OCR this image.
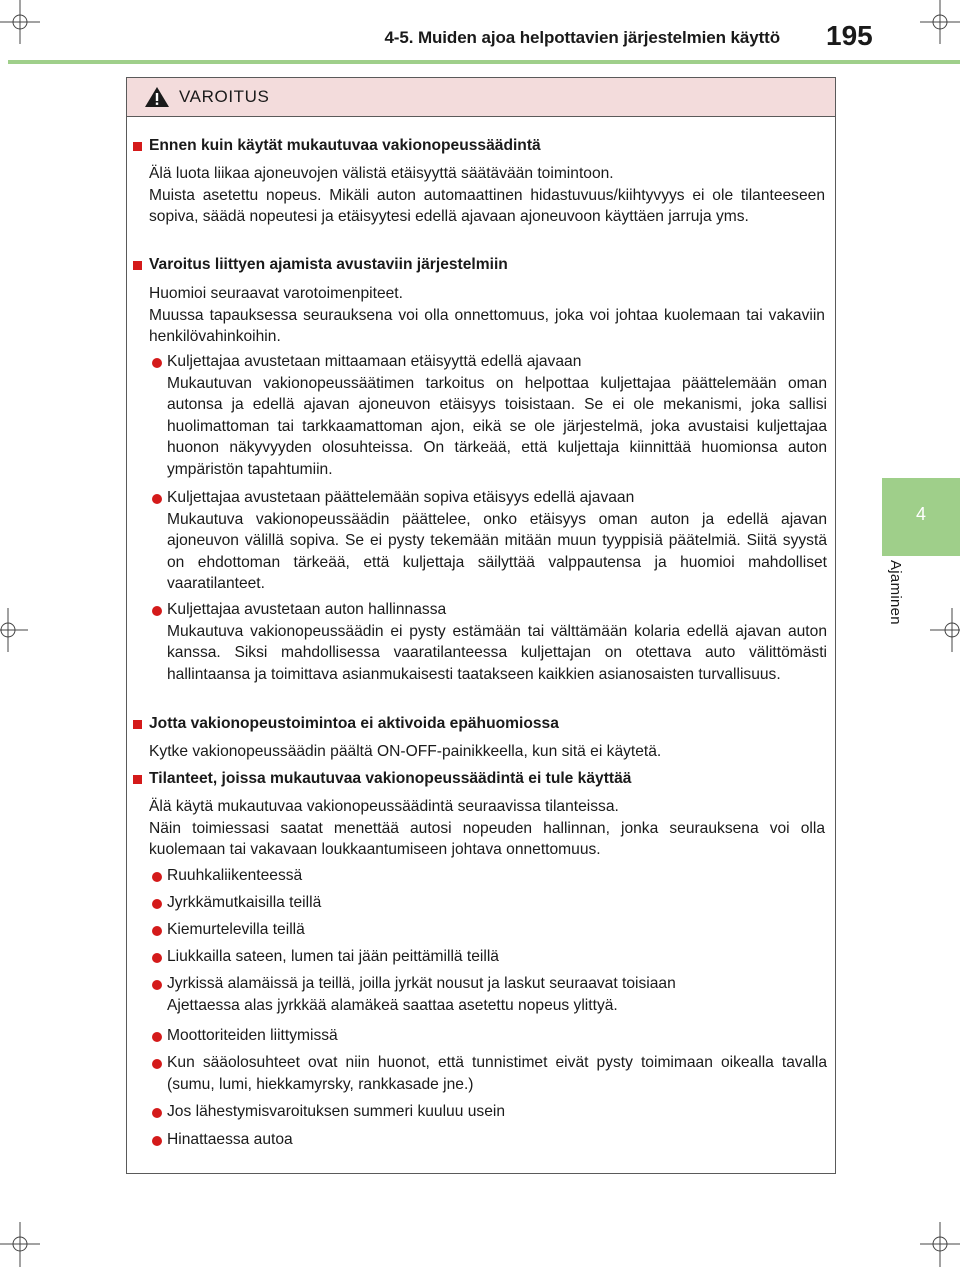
4-5. Muiden ajoa helpottavien järjestelmien käyttö 195
4
Ajaminen
VAROITUS
Ennen kuin käytät mukautuvaa vakionopeussäädintä

Älä luota liikaa ajoneuvojen välistä etäisyyttä säätävään toimintoon.

Muista asetettu nopeus. Mikäli auton automaattinen hidastuvuus/kiihtyvyys ei ole tilanteeseen sopiva, säädä nopeutesi ja etäisyytesi edellä ajavaan ajoneuvoon käyttäen jarruja yms.

Varoitus liittyen ajamista avustaviin järjestelmiin

Huomioi seuraavat varotoimenpiteet.

Muussa tapauksessa seurauksena voi olla onnettomuus, joka voi johtaa kuolemaan tai vakaviin henkilövahinkoihin.

Kuljettajaa avustetaan mittaamaan etäisyyttä edellä ajavaan

Mukautuvan vakionopeussäätimen tarkoitus on helpottaa kuljettajaa päättelemään oman autonsa ja edellä ajavan ajoneuvon etäisyys toisistaan. Se ei ole mekanismi, joka sallisi huolimattoman tai tarkkaamattoman ajon, eikä se ole järjestelmä, joka avustaisi kuljettajaa huonon näkyvyyden olosuhteissa. On tärkeää, että kuljettaja kiinnittää huomionsa auton ympäristön tapahtumiin.

Kuljettajaa avustetaan päättelemään sopiva etäisyys edellä ajavaan

Mukautuva vakionopeussäädin päättelee, onko etäisyys oman auton ja edellä ajavan ajoneuvon välillä sopiva. Se ei pysty tekemään mitään muun tyyppisiä päätelmiä. Siitä syystä on ehdottoman tärkeää, että kuljettaja säilyttää valppautensa ja huomioi mahdolliset vaaratilanteet.

Kuljettajaa avustetaan auton hallinnassa

Mukautuva vakionopeussäädin ei pysty estämään tai välttämään kolaria edellä ajavan auton kanssa. Siksi mahdollisessa vaaratilanteessa kuljettajan on otettava auto välittömästi hallintaansa ja toimittava asianmukaisesti taatakseen kaikkien asianosaisten turvallisuus.

Jotta vakionopeustoimintoa ei aktivoida epähuomiossa

Kytke vakionopeussäädin päältä ON-OFF-painikkeella, kun sitä ei käytetä.

Tilanteet, joissa mukautuvaa vakionopeussäädintä ei tule käyttää

Älä käytä mukautuvaa vakionopeussäädintä seuraavissa tilanteissa.

Näin toimiessasi saatat menettää autosi nopeuden hallinnan, jonka seurauksena voi olla kuolemaan tai vakavaan loukkaantumiseen johtava onnettomuus.

Ruuhkaliikenteessä

Jyrkkämutkaisilla teillä

Kiemurtelevilla teillä

Liukkailla sateen, lumen tai jään peittämillä teillä

Jyrkissä alamäissä ja teillä, joilla jyrkät nousut ja laskut seuraavat toisiaan

Ajettaessa alas jyrkkää alamäkeä saattaa asetettu nopeus ylittyä.

Moottoriteiden liittymissä

Kun sääolosuhteet ovat niin huonot, että tunnistimet eivät pysty toimimaan oikealla tavalla (sumu, lumi, hiekkamyrsky, rankkasade jne.)

Jos lähestymisvaroituksen summeri kuuluu usein

Hinattaessa autoa
